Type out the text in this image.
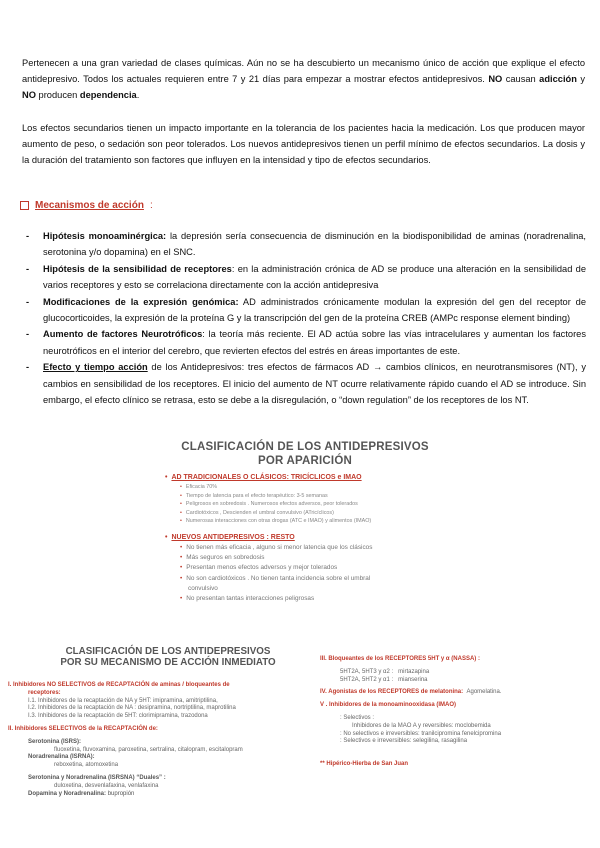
Pertenecen a una gran variedad de clases químicas. Aún no se ha descubierto un mecanismo único de acción que explique el efecto antidepresivo. Todos los actuales requieren entre 7 y 21 días para empezar a mostrar efectos antidepresivos. NO causan adicción y NO producen dependencia.

Los efectos secundarios tienen un impacto importante en la tolerancia de los pacientes hacia la medicación. Los que producen mayor aumento de peso, o sedación son peor tolerados. Los nuevos antidepresivos tienen un perfil mínimo de efectos secundarios. La dosis y la duración del tratamiento son factores que influyen en la intensidad y tipo de efectos secundarios.

Mecanismos de acción :
- Hipótesis monoaminérgica: la depresión sería consecuencia de disminución en la biodisponibilidad de aminas (noradrenalina, serotonina y/o dopamina) en el SNC.
- Hipótesis de la sensibilidad de receptores: en la administración crónica de AD se produce una alteración en la sensibilidad de varios receptores y esto se correlaciona directamente con la acción antidepresiva
- Modificaciones de la expresión genómica: AD administrados crónicamente modulan la expresión del gen del receptor de glucocorticoides, la expresión de la proteína G y la transcripción del gen de la proteína CREB (AMPc response element binding)
- Aumento de factores Neurotróficos: la teoría más reciente. El AD actúa sobre las vías intracelulares y aumentan los factores neurotróficos en el interior del cerebro, que revierten efectos del estrés en áreas importantes de este.
- Efecto y tiempo acción de los Antidepresivos: tres efectos de fármacos AD → cambios clínicos, en neurotransmisores (NT), y cambios en sensibilidad de los receptores. El inicio del aumento de NT ocurre relativamente rápido cuando el AD se introduce. Sin embargo, el efecto clínico se retrasa, esto se debe a la disregulación, o “down regulation” de los receptores de los NT.
CLASIFICACIÓN DE LOS ANTIDEPRESIVOS
POR APARICIÓN
• AD TRADICIONALES O CLÁSICOS: TRICÍCLICOS e IMAO
• Eficacia 70%
• Tiempo de latencia para el efecto terapéutico: 3-5 semanas
• Peligrosos en sobredosis . Numerosos efectos adversos, peor tolerados
• Cardiotóxicos , Descienden el umbral convulsivo (ATricíclicos)
• Numerosas interacciones con otras drogas (ATC e IMAO) y alimentos (IMAO)
• NUEVOS ANTIDEPRESIVOS : RESTO
• No tienen más eficacia , alguno si menor latencia que los clásicos
• Más seguros en sobredosis
• Presentan menos efectos adversos y mejor tolerados
• No son cardiotóxicos . No tienen tanta incidencia sobre el umbral
convulsivo
• No presentan tantas interacciones peligrosas
CLASIFICACIÓN DE LOS ANTIDEPRESIVOS
POR SU MECANISMO DE ACCIÓN INMEDIATO
I. Inhibidores NO SELECTIVOS de RECAPTACIÓN de aminas / bloqueantes de
receptores:
I.1. Inhibidores de la recaptación de NA y 5HT: imipramina, amitriptilina,
I.2. Inhibidores de la recaptación de NA : desipramina, nortriptilina, maprotilina
I.3. Inhibidores de la recaptación de 5HT: clorimipramina, trazodona
II. Inhibidores SELECTIVOS de la RECAPTACIÓN de:
Serotonina (ISRS):
fluoxetina, fluvoxamina, paroxetina, sertralina, citalopram, escitalopram
Noradrenalina (ISRNA):
reboxetina, atomoxetina
Serotonina y Noradrenalina (ISRSNA) “Duales” :
duloxetina, desvenlafaxina, venlafaxina
Dopamina y Noradrenalina: bupropión
III. Bloqueantes de los RECEPTORES 5HT y α (NASSA) :
5HT2A, 5HT3 y α2 : mirtazapina
5HT2A, 5HT2 y α1 : mianserina
IV. Agonistas de los RECEPTORES de melatonina: Agomelatina.
V . Inhibidores de la monoaminooxidasa (IMAO)
: Selectivos :
Inhibidores de la MAO A y reversibles: moclobemida
: No selectivos e irreversibles: tranilcipromina fenelcipromina
: Selectivos e irreversibles: selegilina, rasagilina
** Hipérico-Hierba de San Juan
